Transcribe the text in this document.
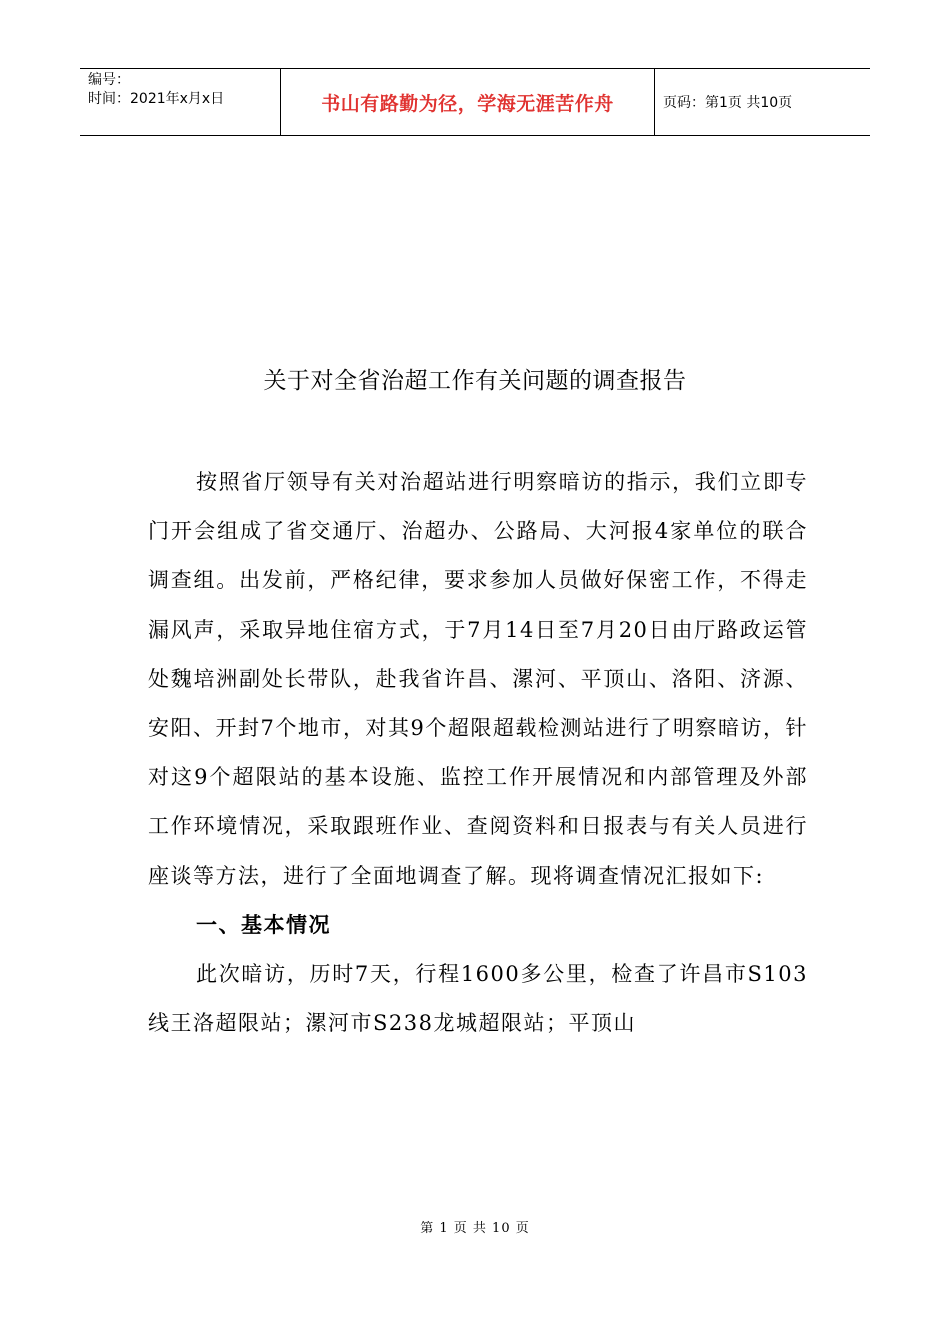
编号：
时间：2021年x月x日	书山有路勤为径，学海无涯苦作舟	页码：第1页 共10页
关于对全省治超工作有关问题的调查报告

按照省厅领导有关对治超站进行明察暗访的指示，我们立即专门开会组成了省交通厅、治超办、公路局、大河报4家单位的联合调查组。出发前，严格纪律，要求参加人员做好保密工作，不得走漏风声，采取异地住宿方式，于7月14日至7月20日由厅路政运管处魏培洲副处长带队，赴我省许昌、漯河、平顶山、洛阳、济源、安阳、开封7个地市，对其9个超限超载检测站进行了明察暗访，针对这9个超限站的基本设施、监控工作开展情况和内部管理及外部工作环境情况，采取跟班作业、查阅资料和日报表与有关人员进行座谈等方法，进行了全面地调查了解。现将调查情况汇报如下:

一、基本情况

此次暗访，历时7天，行程1600多公里，检查了许昌市S103线王洛超限站；漯河市S238龙城超限站；平顶山

第 1 页 共 10 页
